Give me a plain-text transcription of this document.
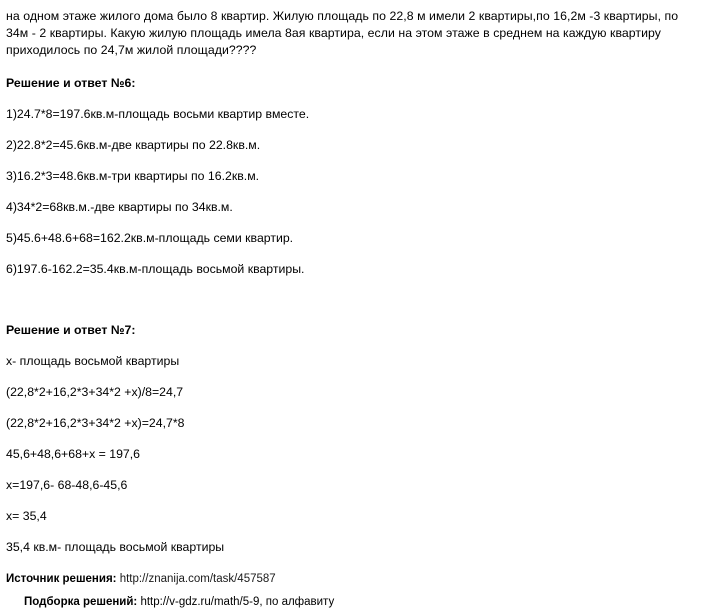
на одном этаже жилого дома было 8 квартир. Жилую площадь по 22,8 м имели 2 квартиры,по 16,2м -3 квартиры, по 34м - 2 квартиры. Какую жилую площадь имела 8ая квартира, если на этом этаже в среднем на каждую квартиру приходилось по 24,7м жилой площади????
Решение и ответ №6:
1)24.7*8=197.6кв.м-площадь восьми квартир вместе.
2)22.8*2=45.6кв.м-две квартиры по 22.8кв.м.
3)16.2*3=48.6кв.м-три квартиры по 16.2кв.м.
4)34*2=68кв.м.-две квартиры по 34кв.м.
5)45.6+48.6+68=162.2кв.м-площадь семи квартир.
6)197.6-162.2=35.4кв.м-площадь восьмой квартиры.
Решение и ответ №7:
x- площадь восьмой квартиры
(22,8*2+16,2*3+34*2 +x)/8=24,7
(22,8*2+16,2*3+34*2 +x)=24,7*8
45,6+48,6+68+x = 197,6
x=197,6- 68-48,6-45,6
x= 35,4
35,4 кв.м- площадь восьмой квартиры
Источник решения: http://znanija.com/task/457587
Подборка решений: http://v-gdz.ru/math/5-9, по алфавиту
